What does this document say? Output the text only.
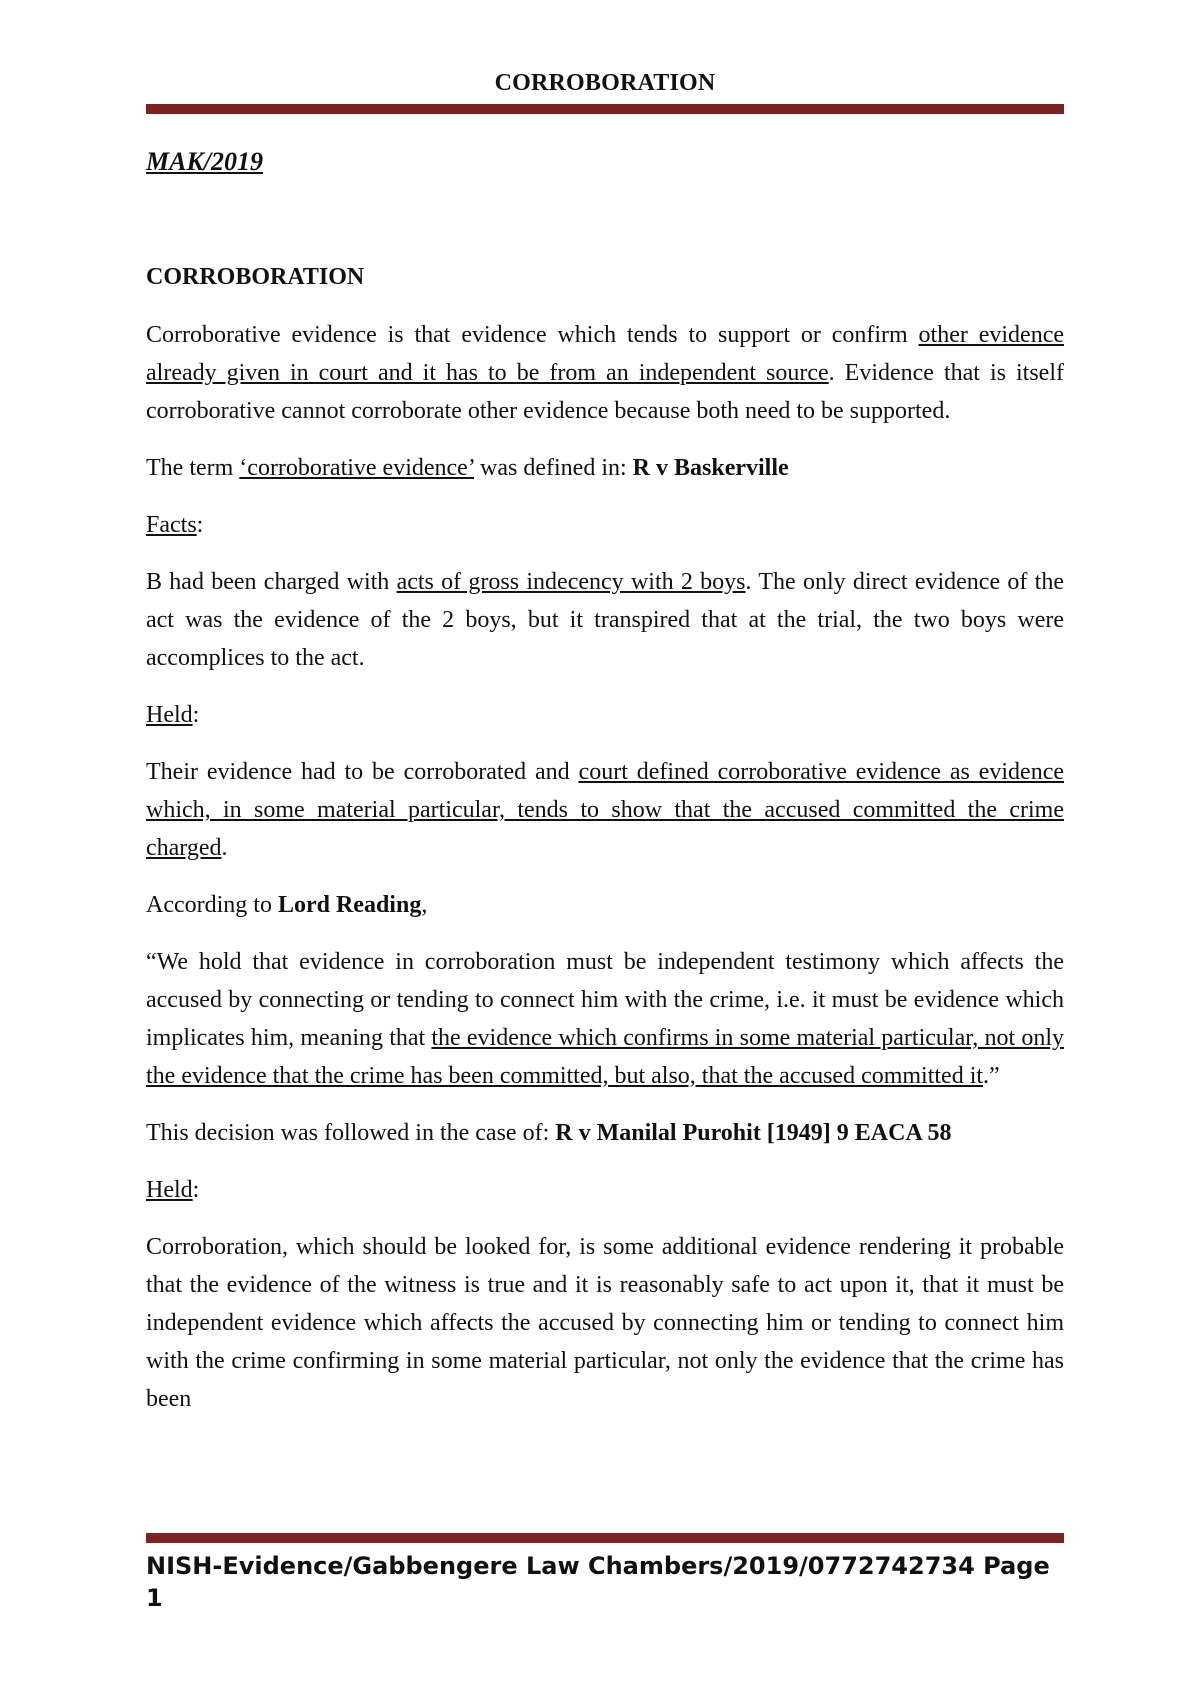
CORROBORATION
MAK/2019

CORROBORATION

Corroborative evidence is that evidence which tends to support or confirm other evidence already given in court and it has to be from an independent source. Evidence that is itself corroborative cannot corroborate other evidence because both need to be supported.

The term ‘corroborative evidence’ was defined in: R v Baskerville

Facts:

B had been charged with acts of gross indecency with 2 boys. The only direct evidence of the act was the evidence of the 2 boys, but it transpired that at the trial, the two boys were accomplices to the act.

Held:

Their evidence had to be corroborated and court defined corroborative evidence as evidence which, in some material particular, tends to show that the accused committed the crime charged.

According to Lord Reading,

“We hold that evidence in corroboration must be independent testimony which affects the accused by connecting or tending to connect him with the crime, i.e. it must be evidence which implicates him, meaning that the evidence which confirms in some material particular, not only the evidence that the crime has been committed, but also, that the accused committed it.”

This decision was followed in the case of: R v Manilal Purohit [1949] 9 EACA 58

Held:

Corroboration, which should be looked for, is some additional evidence rendering it probable that the evidence of the witness is true and it is reasonably safe to act upon it, that it must be independent evidence which affects the accused by connecting him or tending to connect him with the crime confirming in some material particular, not only the evidence that the crime has been

NISH-Evidence/Gabbengere Law Chambers/2019/0772742734 Page 1
